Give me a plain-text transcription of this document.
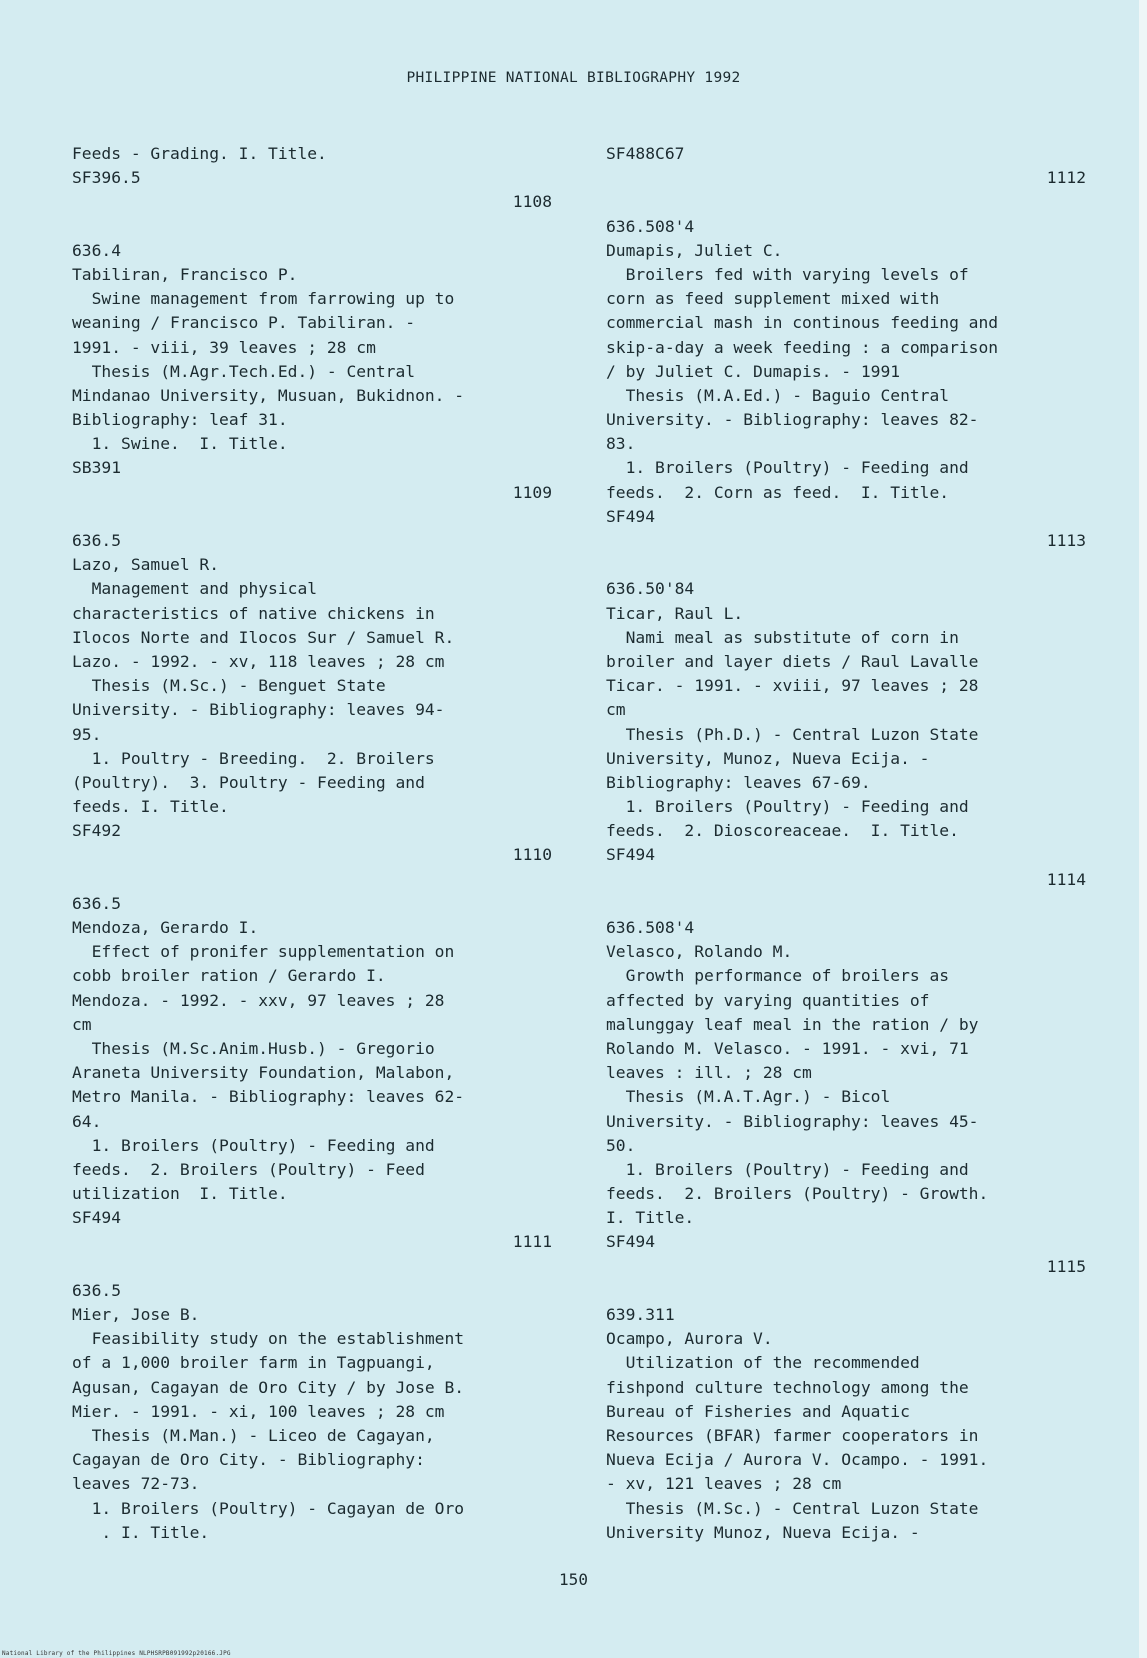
PHILIPPINE NATIONAL BIBLIOGRAPHY 1992
Feeds - Grading. I. Title.
SF396.5
1108
636.4
Tabiliran, Francisco P.
Swine management from farrowing up to
weaning / Francisco P. Tabiliran. -
1991. - viii, 39 leaves ; 28 cm
Thesis (M.Agr.Tech.Ed.) - Central
Mindanao University, Musuan, Bukidnon. -
Bibliography: leaf 31.
1. Swine.  I. Title.
SB391
1109
636.5
Lazo, Samuel R.
Management and physical
characteristics of native chickens in
Ilocos Norte and Ilocos Sur / Samuel R.
Lazo. - 1992. - xv, 118 leaves ; 28 cm
Thesis (M.Sc.) - Benguet State
University. - Bibliography: leaves 94-
95.
1. Poultry - Breeding.  2. Broilers
(Poultry).  3. Poultry - Feeding and
feeds. I. Title.
SF492
1110
636.5
Mendoza, Gerardo I.
Effect of pronifer supplementation on
cobb broiler ration / Gerardo I.
Mendoza. - 1992. - xxv, 97 leaves ; 28
cm
Thesis (M.Sc.Anim.Husb.) - Gregorio
Araneta University Foundation, Malabon,
Metro Manila. - Bibliography: leaves 62-
64.
1. Broilers (Poultry) - Feeding and
feeds.  2. Broilers (Poultry) - Feed
utilization  I. Title.
SF494
1111
636.5
Mier, Jose B.
Feasibility study on the establishment
of a 1,000 broiler farm in Tagpuangi,
Agusan, Cagayan de Oro City / by Jose B.
Mier. - 1991. - xi, 100 leaves ; 28 cm
Thesis (M.Man.) - Liceo de Cagayan,
Cagayan de Oro City. - Bibliography:
leaves 72-73.
1. Broilers (Poultry) - Cagayan de Oro
. I. Title.
SF488C67
1112
636.508'4
Dumapis, Juliet C.
Broilers fed with varying levels of
corn as feed supplement mixed with
commercial mash in continous feeding and
skip-a-day a week feeding : a comparison
/ by Juliet C. Dumapis. - 1991
Thesis (M.A.Ed.) - Baguio Central
University. - Bibliography: leaves 82-
83.
1. Broilers (Poultry) - Feeding and
feeds.  2. Corn as feed.  I. Title.
SF494
1113
636.50'84
Ticar, Raul L.
Nami meal as substitute of corn in
broiler and layer diets / Raul Lavalle
Ticar. - 1991. - xviii, 97 leaves ; 28
cm
Thesis (Ph.D.) - Central Luzon State
University, Munoz, Nueva Ecija. -
Bibliography: leaves 67-69.
1. Broilers (Poultry) - Feeding and
feeds.  2. Dioscoreaceae.  I. Title.
SF494
1114
636.508'4
Velasco, Rolando M.
Growth performance of broilers as
affected by varying quantities of
malunggay leaf meal in the ration / by
Rolando M. Velasco. - 1991. - xvi, 71
leaves : ill. ; 28 cm
Thesis (M.A.T.Agr.) - Bicol
University. - Bibliography: leaves 45-
50.
1. Broilers (Poultry) - Feeding and
feeds.  2. Broilers (Poultry) - Growth.
I. Title.
SF494
1115
639.311
Ocampo, Aurora V.
Utilization of the recommended
fishpond culture technology among the
Bureau of Fisheries and Aquatic
Resources (BFAR) farmer cooperators in
Nueva Ecija / Aurora V. Ocampo. - 1991.
- xv, 121 leaves ; 28 cm
Thesis (M.Sc.) - Central Luzon State
University Munoz, Nueva Ecija. -
150
National Library of the Philippines NLPHSRPB091992p20166.JPG
